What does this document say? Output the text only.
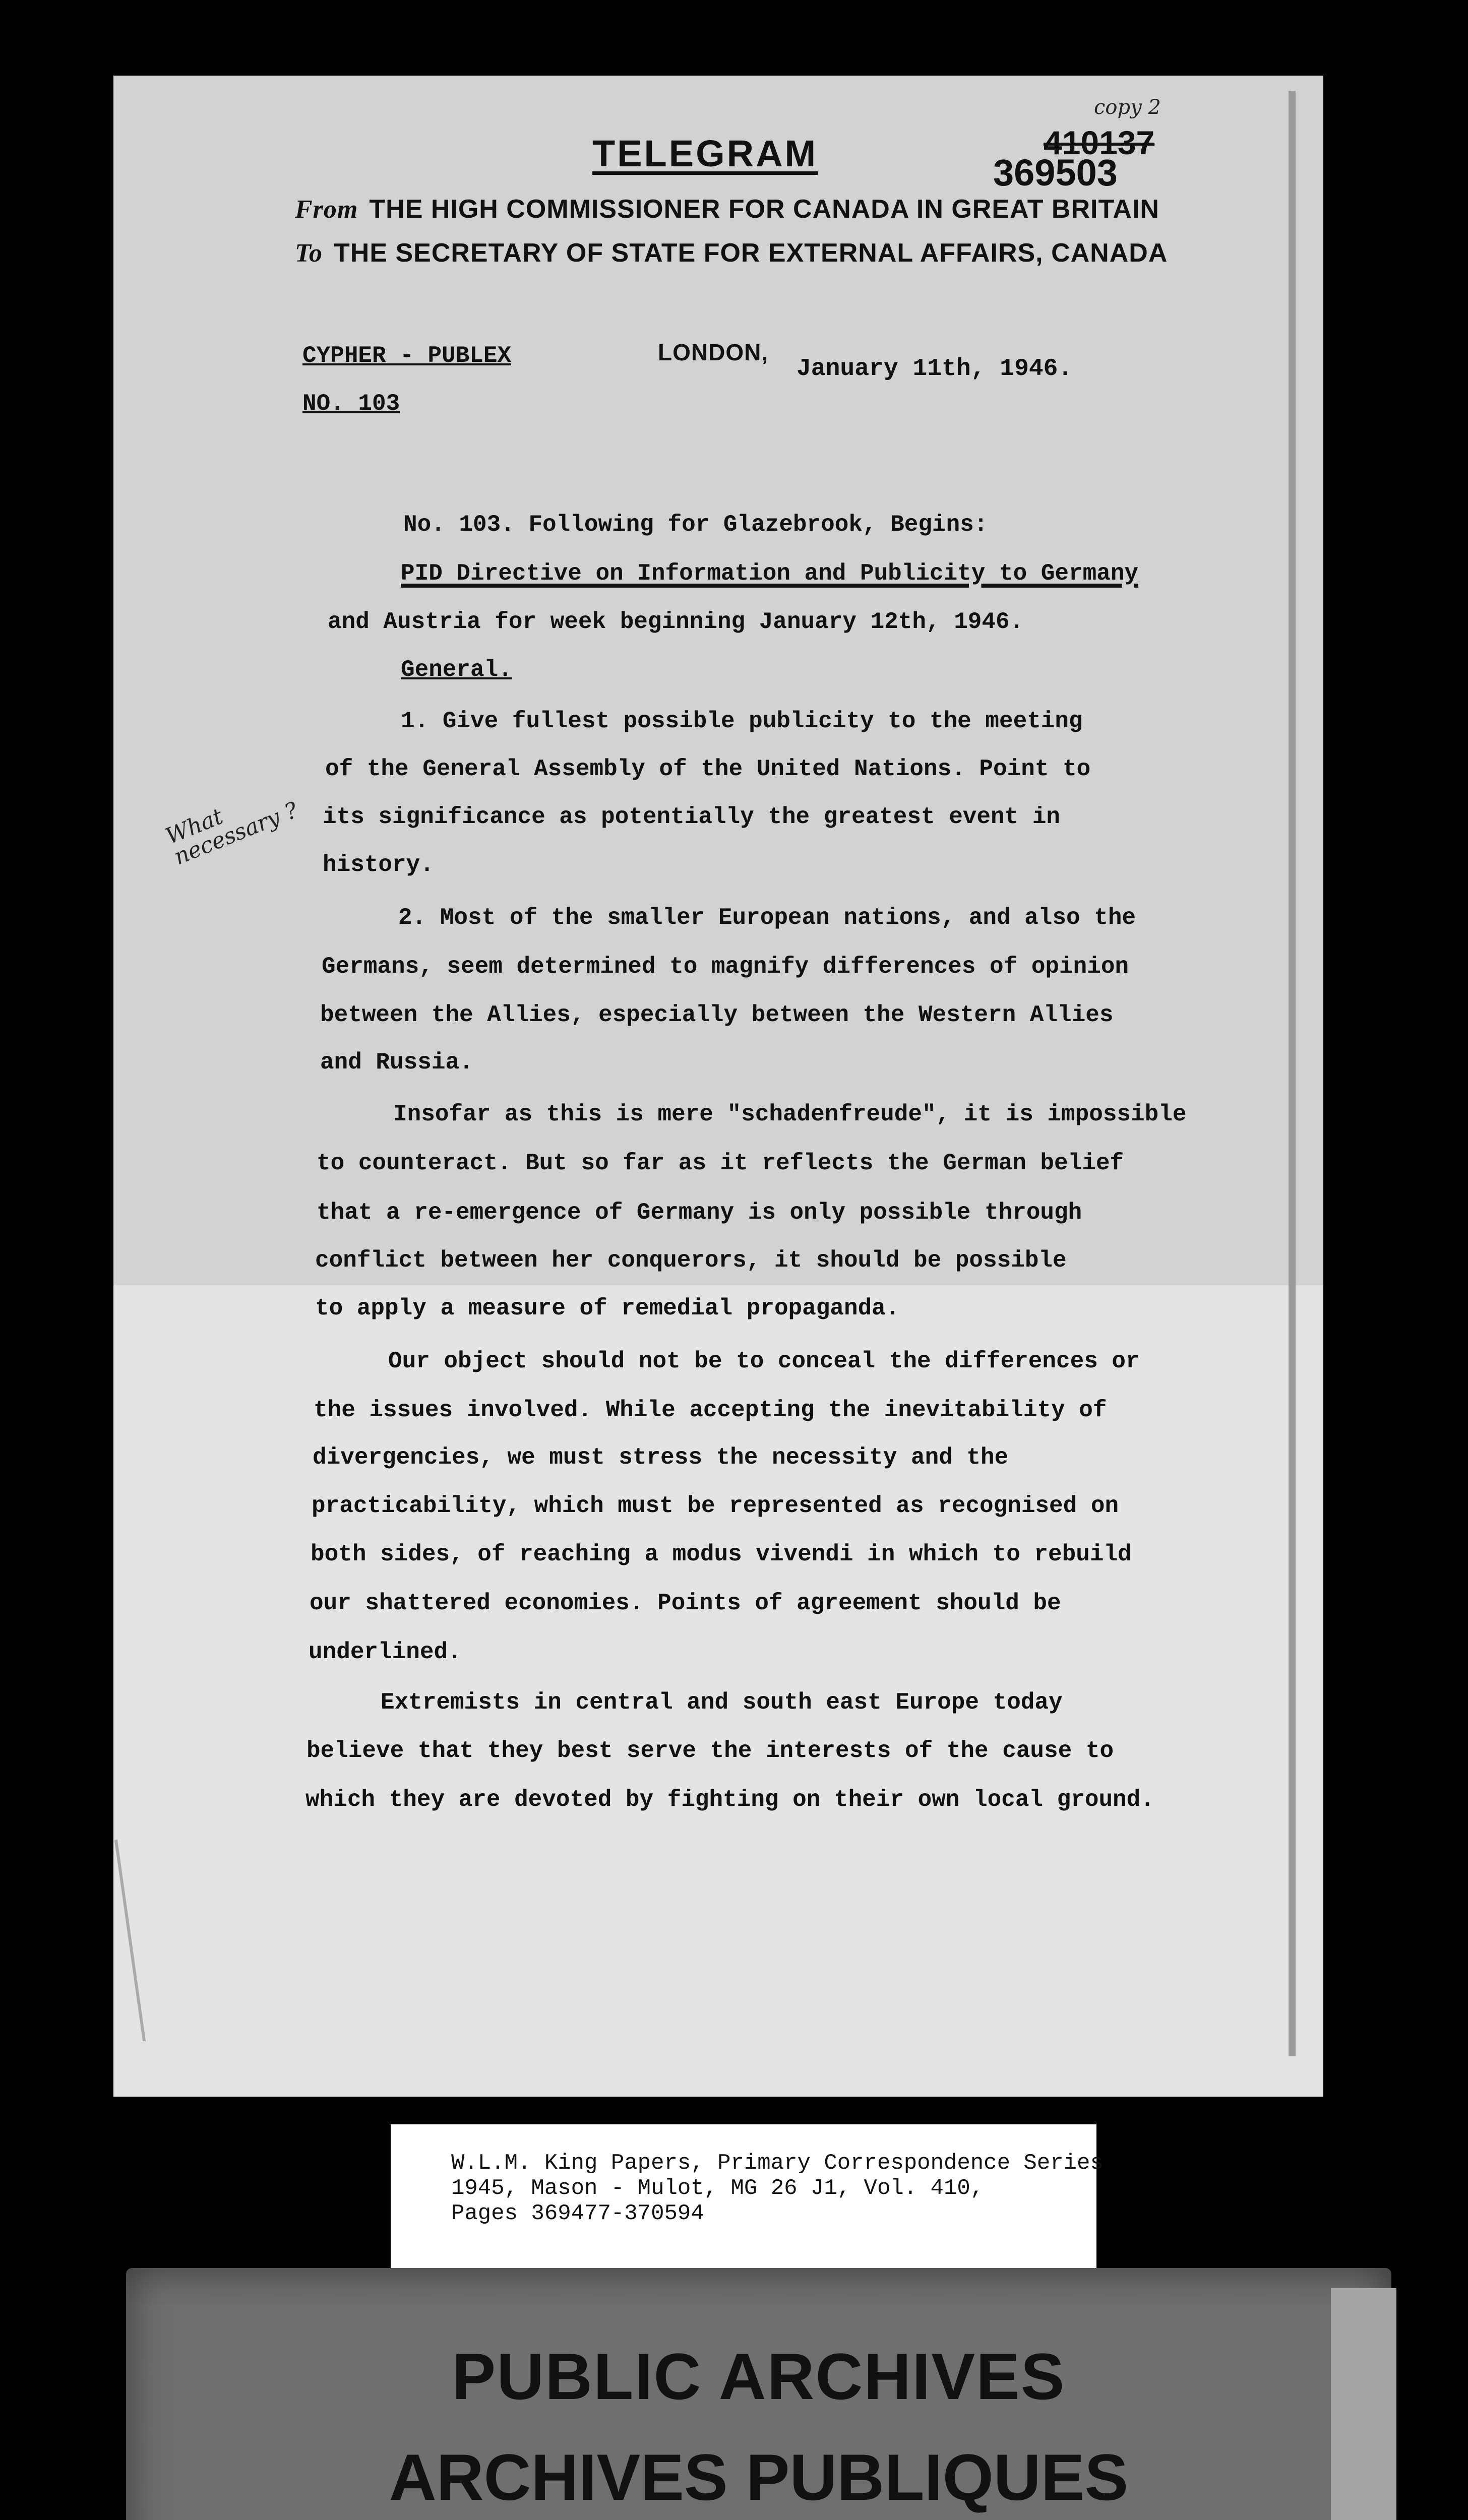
TELEGRAM
copy 2
410137
369503
From THE HIGH COMMISSIONER FOR CANADA IN GREAT BRITAIN
To THE SECRETARY OF STATE FOR EXTERNAL AFFAIRS, CANADA
CYPHER - PUBLEX
NO. 103
LONDON,
January 11th, 1946.
No. 103. Following for Glazebrook, Begins:
PID Directive on Information and Publicity to Germany
and Austria for week beginning January 12th, 1946.
General.
1. Give fullest possible publicity to the meeting
of the General Assembly of the United Nations. Point to
its significance as potentially the greatest event in
history.
2. Most of the smaller European nations, and also the
Germans, seem determined to magnify differences of opinion
between the Allies, especially between the Western Allies
and Russia.
Insofar as this is mere "schadenfreude", it is impossible
to counteract. But so far as it reflects the German belief
that a re-emergence of Germany is only possible through
conflict between her conquerors, it should be possible
to apply a measure of remedial propaganda.
Our object should not be to conceal the differences or
the issues involved. While accepting the inevitability of
divergencies, we must stress the necessity and the
practicability, which must be represented as recognised on
both sides, of reaching a modus vivendi in which to rebuild
our shattered economies. Points of agreement should be
underlined.
Extremists in central and south east Europe today
believe that they best serve the interests of the cause to
which they are devoted by fighting on their own local ground.
What necessary ?
W.L.M. King Papers, Primary Correspondence Series
1945, Mason - Mulot, MG 26 J1, Vol. 410,
Pages 369477-370594
PUBLIC ARCHIVES
ARCHIVES PUBLIQUES
